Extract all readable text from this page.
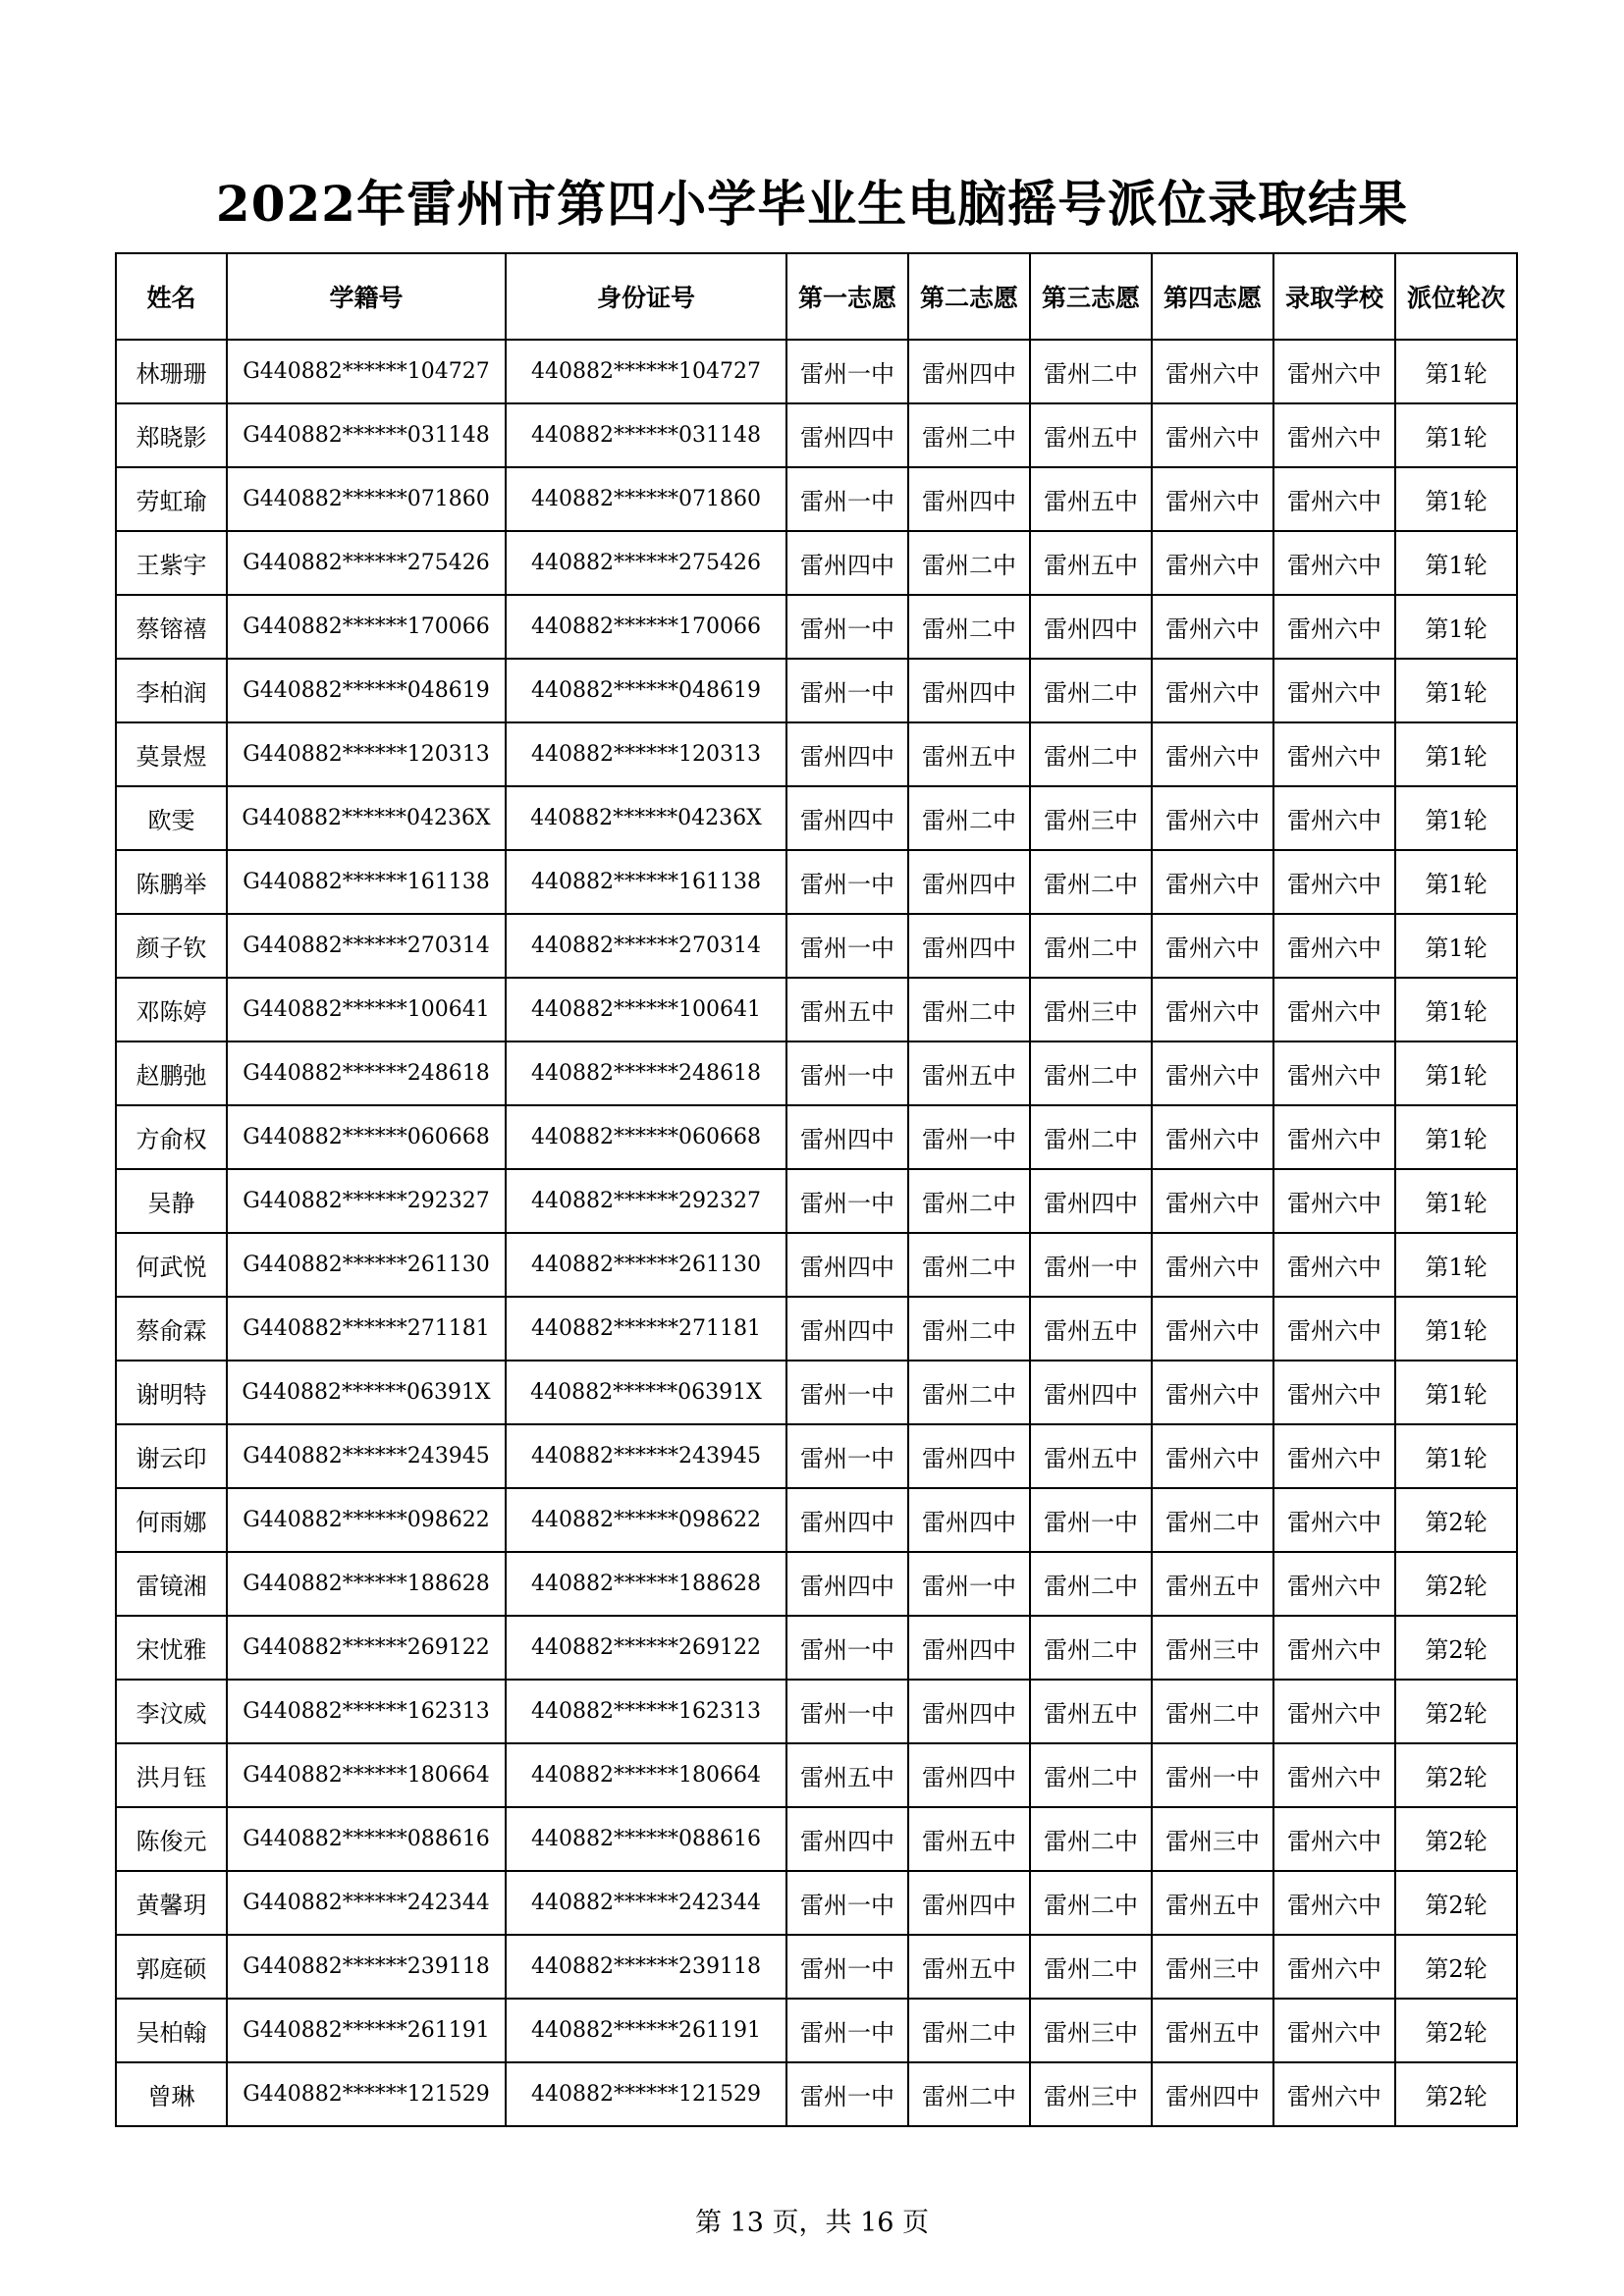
2022年雷州市第四小学毕业生电脑摇号派位录取结果
姓名	学籍号	身份证号	第一志愿	第二志愿	第三志愿	第四志愿	录取学校	派位轮次
林珊珊	G440882******104727	440882******104727	雷州一中	雷州四中	雷州二中	雷州六中	雷州六中	第1轮
郑晓影	G440882******031148	440882******031148	雷州四中	雷州二中	雷州五中	雷州六中	雷州六中	第1轮
劳虹瑜	G440882******071860	440882******071860	雷州一中	雷州四中	雷州五中	雷州六中	雷州六中	第1轮
王紫宇	G440882******275426	440882******275426	雷州四中	雷州二中	雷州五中	雷州六中	雷州六中	第1轮
蔡镕禧	G440882******170066	440882******170066	雷州一中	雷州二中	雷州四中	雷州六中	雷州六中	第1轮
李柏润	G440882******048619	440882******048619	雷州一中	雷州四中	雷州二中	雷州六中	雷州六中	第1轮
莫景煜	G440882******120313	440882******120313	雷州四中	雷州五中	雷州二中	雷州六中	雷州六中	第1轮
欧雯	G440882******04236X	440882******04236X	雷州四中	雷州二中	雷州三中	雷州六中	雷州六中	第1轮
陈鹏举	G440882******161138	440882******161138	雷州一中	雷州四中	雷州二中	雷州六中	雷州六中	第1轮
颜子钦	G440882******270314	440882******270314	雷州一中	雷州四中	雷州二中	雷州六中	雷州六中	第1轮
邓陈婷	G440882******100641	440882******100641	雷州五中	雷州二中	雷州三中	雷州六中	雷州六中	第1轮
赵鹏弛	G440882******248618	440882******248618	雷州一中	雷州五中	雷州二中	雷州六中	雷州六中	第1轮
方俞权	G440882******060668	440882******060668	雷州四中	雷州一中	雷州二中	雷州六中	雷州六中	第1轮
吴静	G440882******292327	440882******292327	雷州一中	雷州二中	雷州四中	雷州六中	雷州六中	第1轮
何武悦	G440882******261130	440882******261130	雷州四中	雷州二中	雷州一中	雷州六中	雷州六中	第1轮
蔡俞霖	G440882******271181	440882******271181	雷州四中	雷州二中	雷州五中	雷州六中	雷州六中	第1轮
谢明特	G440882******06391X	440882******06391X	雷州一中	雷州二中	雷州四中	雷州六中	雷州六中	第1轮
谢云印	G440882******243945	440882******243945	雷州一中	雷州四中	雷州五中	雷州六中	雷州六中	第1轮
何雨娜	G440882******098622	440882******098622	雷州四中	雷州四中	雷州一中	雷州二中	雷州六中	第2轮
雷镜湘	G440882******188628	440882******188628	雷州四中	雷州一中	雷州二中	雷州五中	雷州六中	第2轮
宋忧雅	G440882******269122	440882******269122	雷州一中	雷州四中	雷州二中	雷州三中	雷州六中	第2轮
李汶威	G440882******162313	440882******162313	雷州一中	雷州四中	雷州五中	雷州二中	雷州六中	第2轮
洪月钰	G440882******180664	440882******180664	雷州五中	雷州四中	雷州二中	雷州一中	雷州六中	第2轮
陈俊元	G440882******088616	440882******088616	雷州四中	雷州五中	雷州二中	雷州三中	雷州六中	第2轮
黄馨玥	G440882******242344	440882******242344	雷州一中	雷州四中	雷州二中	雷州五中	雷州六中	第2轮
郭庭硕	G440882******239118	440882******239118	雷州一中	雷州五中	雷州二中	雷州三中	雷州六中	第2轮
吴柏翰	G440882******261191	440882******261191	雷州一中	雷州二中	雷州三中	雷州五中	雷州六中	第2轮
曾琳	G440882******121529	440882******121529	雷州一中	雷州二中	雷州三中	雷州四中	雷州六中	第2轮
第 13 页，共 16 页
